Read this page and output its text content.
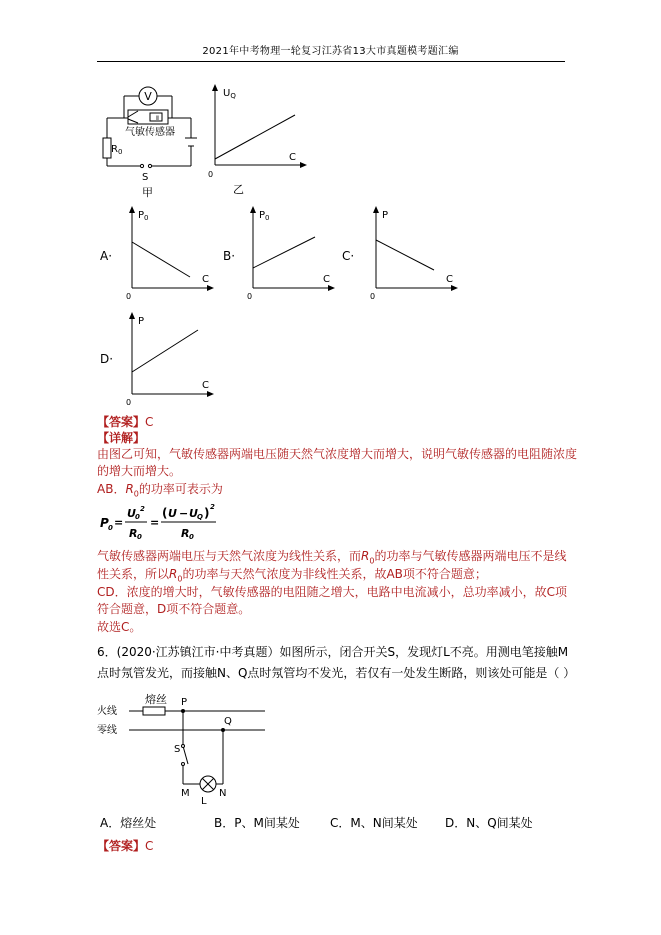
2021年中考物理一轮复习江苏省13大市真题模考题汇编
V
Ⅱ
气敏传感器
$R_0$
S
甲
$U_Q$
C
0
乙
A·
$P_0$
C
0
B·
$P_0$
C
0
C·
P
C
0
D·
P
C
0
【答案】C
【详解】
由图乙可知，气敏传感器两端电压随天然气浓度增大而增大，说明气敏传感器的电阻随浓度
的增大而增大。
AB．$R_0$的功率可表示为
P 0 =
U 0
2
R 0
=
( U − U Q ) 2
R 0
气敏传感器两端电压与天然气浓度为线性关系，而$R_0$的功率与气敏传感器两端电压不是线
性关系，所以$R_0$的功率与天然气浓度为非线性关系，故AB项不符合题意；
CD．浓度的增大时，气敏传感器的电阻随之增大，电路中电流减小，总功率减小，故C项
符合题意，D项不符合题意。
故选C。
6．(2020·江苏镇江市·中考真题）如图所示，闭合开关S，发现灯L不亮。用测电笔接触M
点时氖管发光，而接触N、Q点时氖管均不发光，若仅有一处发生断路，则该处可能是（ ）
熔丝
火线
零线
P
Q
S
M	N
L
A．熔丝处	B．P、M间某处	C．M、N间某处 D．N、Q间某处
【答案】C
